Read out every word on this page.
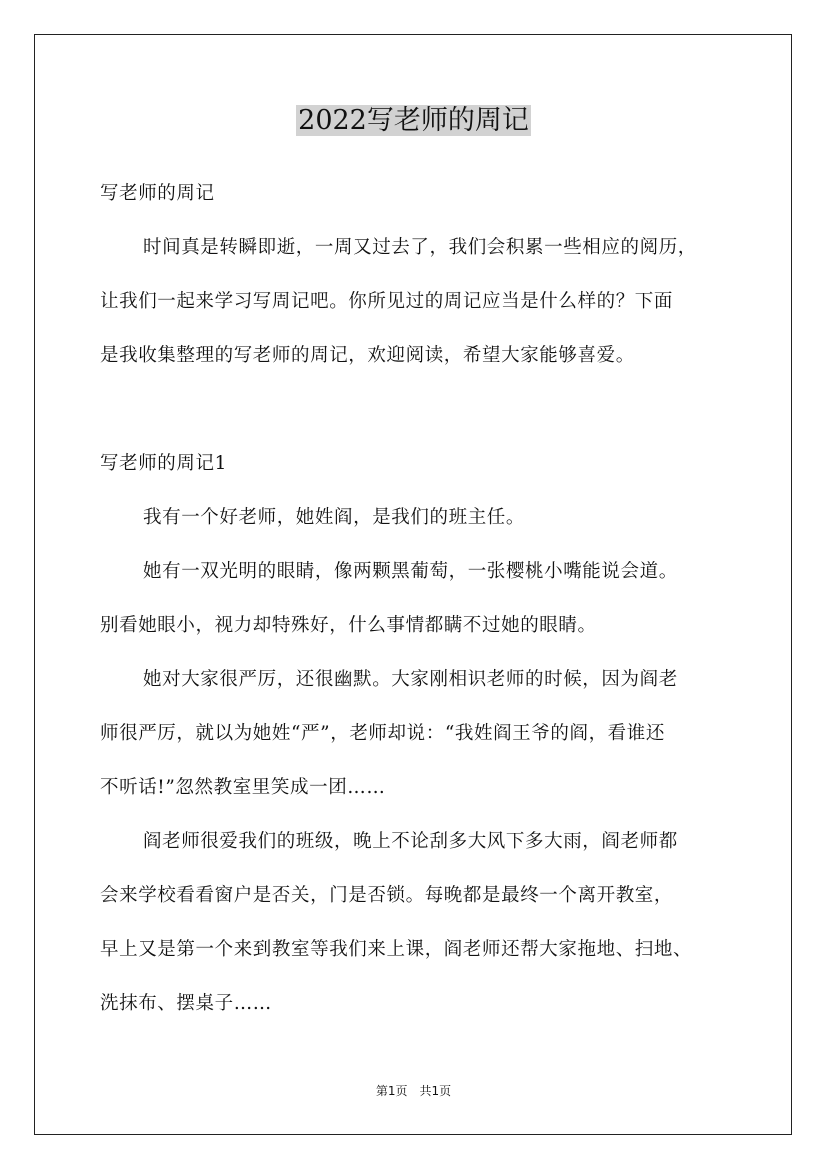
2022写老师的周记
写老师的周记
时间真是转瞬即逝，一周又过去了，我们会积累一些相应的阅历，
让我们一起来学习写周记吧。你所见过的周记应当是什么样的？下面
是我收集整理的写老师的周记，欢迎阅读，希望大家能够喜爱。
写老师的周记1
我有一个好老师，她姓阎，是我们的班主任。
她有一双光明的眼睛，像两颗黑葡萄，一张樱桃小嘴能说会道。
别看她眼小，视力却特殊好，什么事情都瞒不过她的眼睛。
她对大家很严厉，还很幽默。大家刚相识老师的时候，因为阎老
师很严厉，就以为她姓“严”，老师却说：“我姓阎王爷的阎，看谁还
不听话!”忽然教室里笑成一团……
阎老师很爱我们的班级，晚上不论刮多大风下多大雨，阎老师都
会来学校看看窗户是否关，门是否锁。每晚都是最终一个离开教室，
早上又是第一个来到教室等我们来上课，阎老师还帮大家拖地、扫地、
洗抹布、摆桌子……
第1页　共1页
